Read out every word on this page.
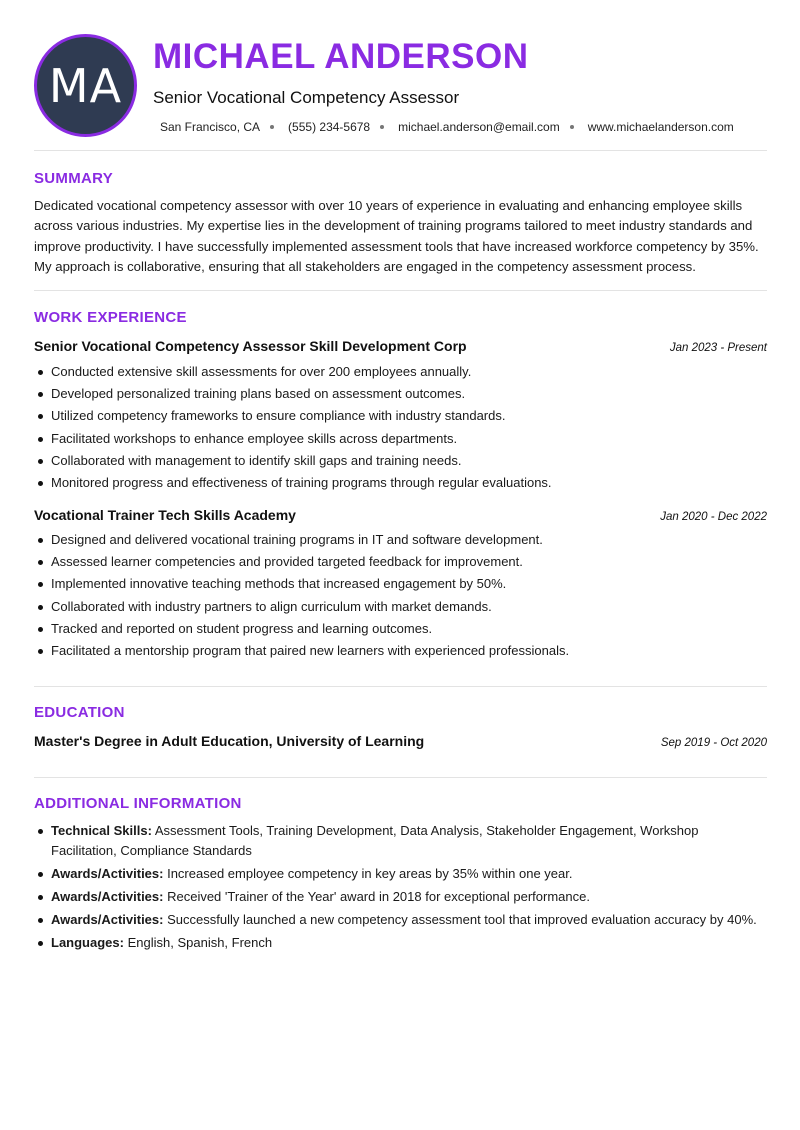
MA
MICHAEL ANDERSON
Senior Vocational Competency Assessor
San Francisco, CA (555) 234-5678 michael.anderson@email.com www.michaelanderson.com
SUMMARY
Dedicated vocational competency assessor with over 10 years of experience in evaluating and enhancing employee skills across various industries. My expertise lies in the development of training programs tailored to meet industry standards and improve productivity. I have successfully implemented assessment tools that have increased workforce competency by 35%. My approach is collaborative, ensuring that all stakeholders are engaged in the competency assessment process.
WORK EXPERIENCE
Senior Vocational Competency Assessor Skill Development Corp	Jan 2023 - Present
Conducted extensive skill assessments for over 200 employees annually.
Developed personalized training plans based on assessment outcomes.
Utilized competency frameworks to ensure compliance with industry standards.
Facilitated workshops to enhance employee skills across departments.
Collaborated with management to identify skill gaps and training needs.
Monitored progress and effectiveness of training programs through regular evaluations.
Vocational Trainer Tech Skills Academy	Jan 2020 - Dec 2022
Designed and delivered vocational training programs in IT and software development.
Assessed learner competencies and provided targeted feedback for improvement.
Implemented innovative teaching methods that increased engagement by 50%.
Collaborated with industry partners to align curriculum with market demands.
Tracked and reported on student progress and learning outcomes.
Facilitated a mentorship program that paired new learners with experienced professionals.
EDUCATION
Master's Degree in Adult Education, University of Learning	Sep 2019 - Oct 2020
ADDITIONAL INFORMATION
Technical Skills: Assessment Tools, Training Development, Data Analysis, Stakeholder Engagement, Workshop Facilitation, Compliance Standards
Awards/Activities: Increased employee competency in key areas by 35% within one year.
Awards/Activities: Received 'Trainer of the Year' award in 2018 for exceptional performance.
Awards/Activities: Successfully launched a new competency assessment tool that improved evaluation accuracy by 40%.
Languages: English, Spanish, French
